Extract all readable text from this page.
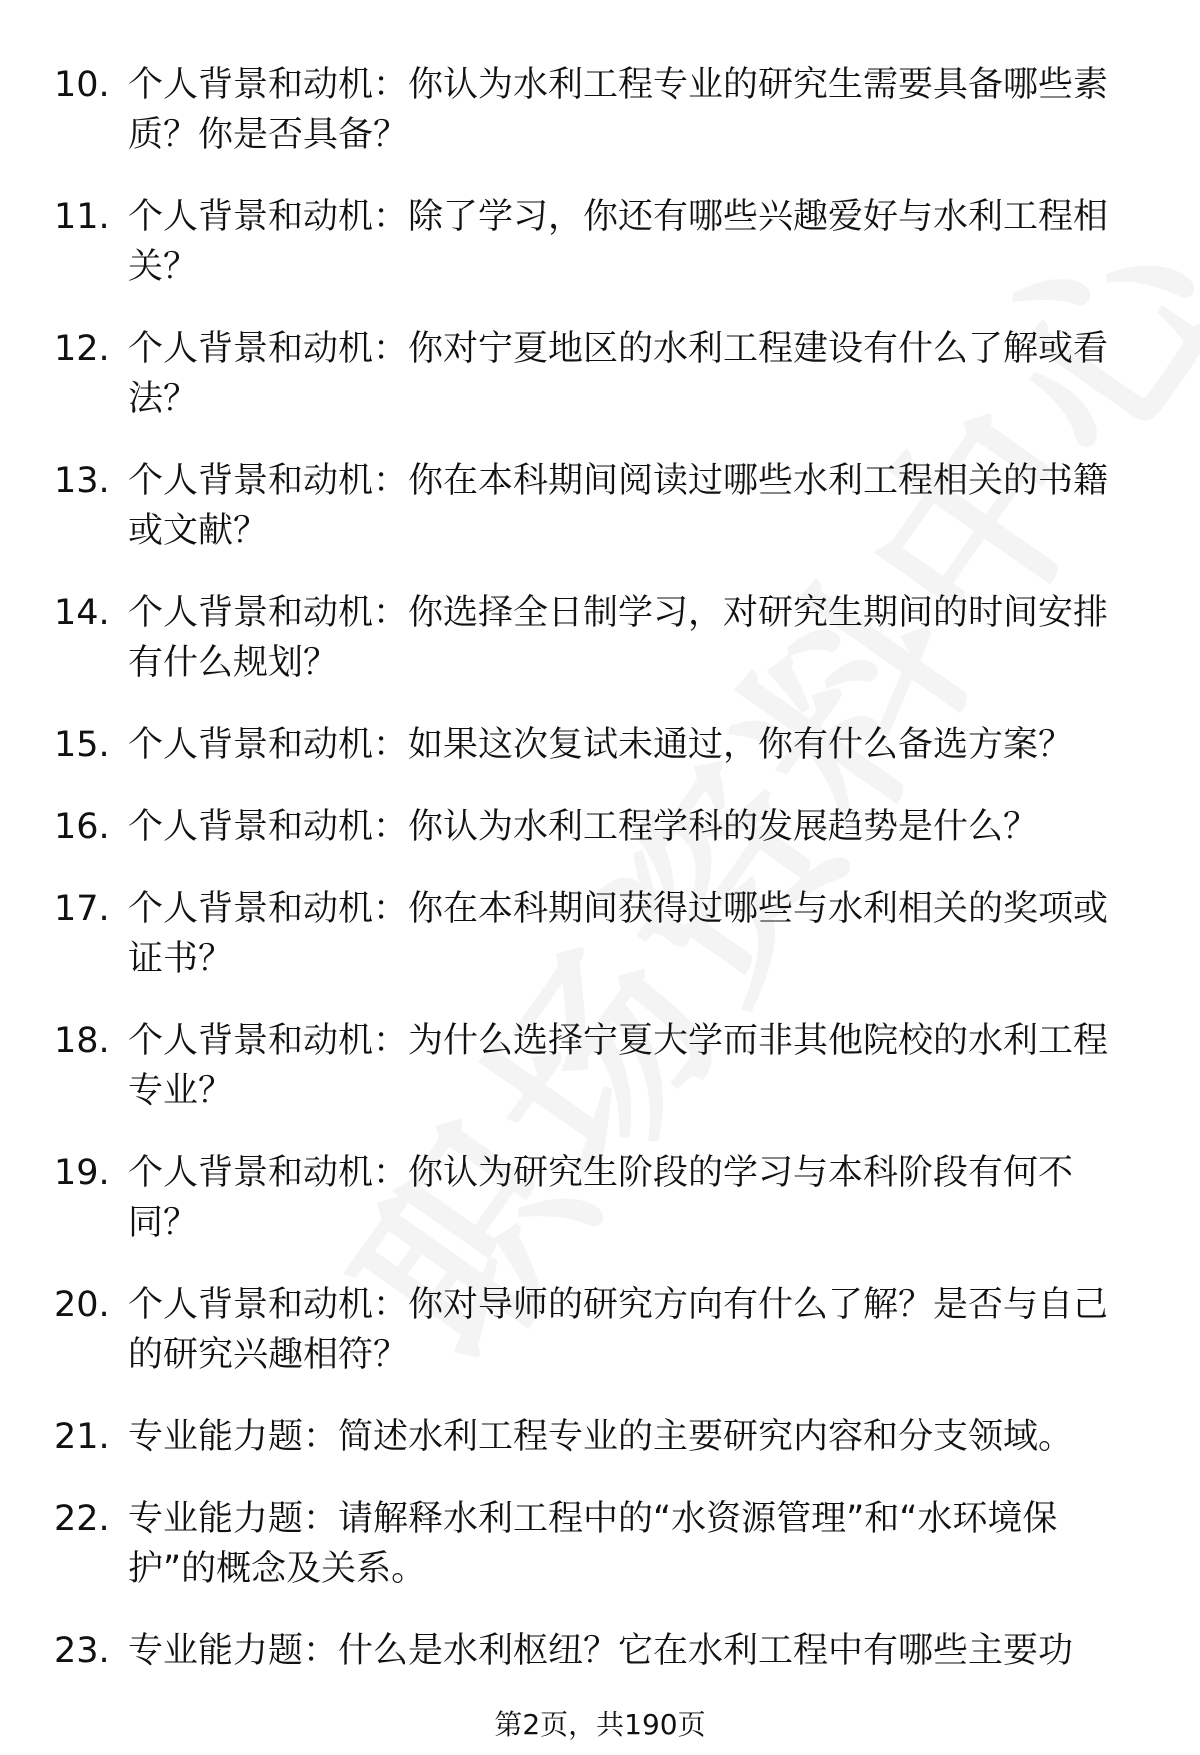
10. 个人背景和动机：你认为水利工程专业的研究生需要具备哪些素质？你是否具备？
11. 个人背景和动机：除了学习，你还有哪些兴趣爱好与水利工程相关？
12. 个人背景和动机：你对宁夏地区的水利工程建设有什么了解或看法？
13. 个人背景和动机：你在本科期间阅读过哪些水利工程相关的书籍或文献？
14. 个人背景和动机：你选择全日制学习，对研究生期间的时间安排有什么规划？
15. 个人背景和动机：如果这次复试未通过，你有什么备选方案？
16. 个人背景和动机：你认为水利工程学科的发展趋势是什么？
17. 个人背景和动机：你在本科期间获得过哪些与水利相关的奖项或证书？
18. 个人背景和动机：为什么选择宁夏大学而非其他院校的水利工程专业？
19. 个人背景和动机：你认为研究生阶段的学习与本科阶段有何不同？
20. 个人背景和动机：你对导师的研究方向有什么了解？是否与自己的研究兴趣相符？
21. 专业能力题：简述水利工程专业的主要研究内容和分支领域。
22. 专业能力题：请解释水利工程中的“水资源管理”和“水环境保护”的概念及关系。
23. 专业能力题：什么是水利枢纽？它在水利工程中有哪些主要功
第2页，共190页
